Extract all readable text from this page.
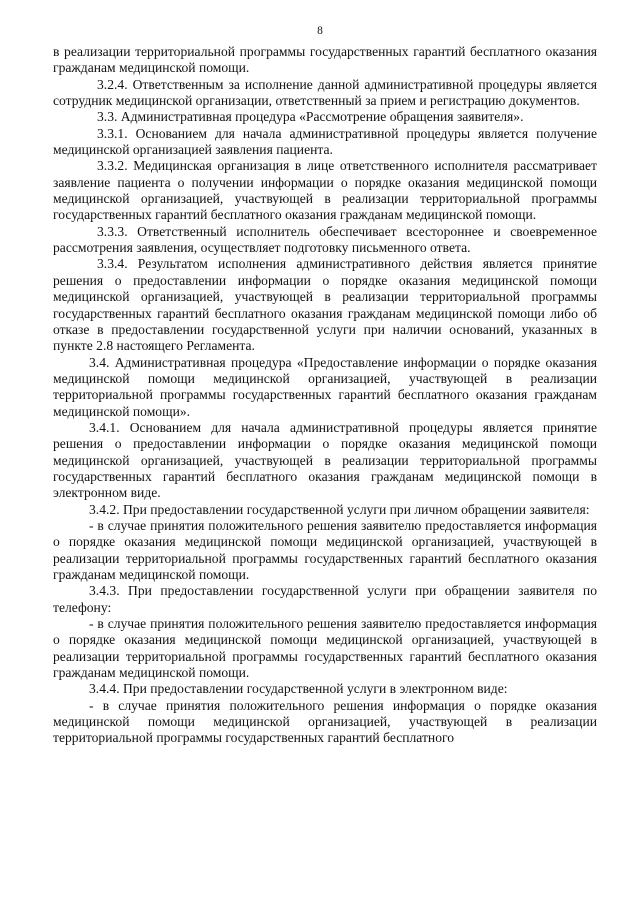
8

в реализации территориальной программы государственных гарантий бесплатного оказания гражданам медицинской помощи.

3.2.4. Ответственным за исполнение данной административной процедуры является сотрудник медицинской организации, ответственный за прием и регистрацию документов.

3.3. Административная процедура «Рассмотрение обращения заявителя».

3.3.1. Основанием для начала административной процедуры является получение медицинской организацией заявления пациента.

3.3.2. Медицинская организация в лице ответственного исполнителя рассматривает заявление пациента о получении информации о порядке оказания медицинской помощи медицинской организацией, участвующей в реализации территориальной программы государственных гарантий бесплатного оказания гражданам медицинской помощи.

3.3.3. Ответственный исполнитель обеспечивает всестороннее и своевременное рассмотрения заявления, осуществляет подготовку письменного ответа.

3.3.4. Результатом исполнения административного действия является принятие решения о предоставлении информации о порядке оказания медицинской помощи медицинской организацией, участвующей в реализации территориальной программы государственных гарантий бесплатного оказания гражданам медицинской помощи либо об отказе в предоставлении государственной услуги при наличии оснований, указанных в пункте 2.8 настоящего Регламента.

3.4. Административная процедура «Предоставление информации о порядке оказания медицинской помощи медицинской организацией, участвующей в реализации территориальной программы государственных гарантий бесплатного оказания гражданам медицинской помощи».

3.4.1. Основанием для начала административной процедуры является принятие решения о предоставлении информации о порядке оказания медицинской помощи медицинской организацией, участвующей в реализации территориальной программы государственных гарантий бесплатного оказания гражданам медицинской помощи в электронном виде.

3.4.2. При предоставлении государственной услуги при личном обращении заявителя:

- в случае принятия положительного решения заявителю предоставляется информация о порядке оказания медицинской помощи медицинской организацией, участвующей в реализации территориальной программы государственных гарантий бесплатного оказания гражданам медицинской помощи.

3.4.3. При предоставлении государственной услуги при обращении заявителя по телефону:

- в случае принятия положительного решения заявителю предоставляется информация о порядке оказания медицинской помощи медицинской организацией, участвующей в реализации территориальной программы государственных гарантий бесплатного оказания гражданам медицинской помощи.

3.4.4. При предоставлении государственной услуги в электронном виде:

- в случае принятия положительного решения информация о порядке оказания медицинской помощи медицинской организацией, участвующей в реализации территориальной программы государственных гарантий бесплатного
